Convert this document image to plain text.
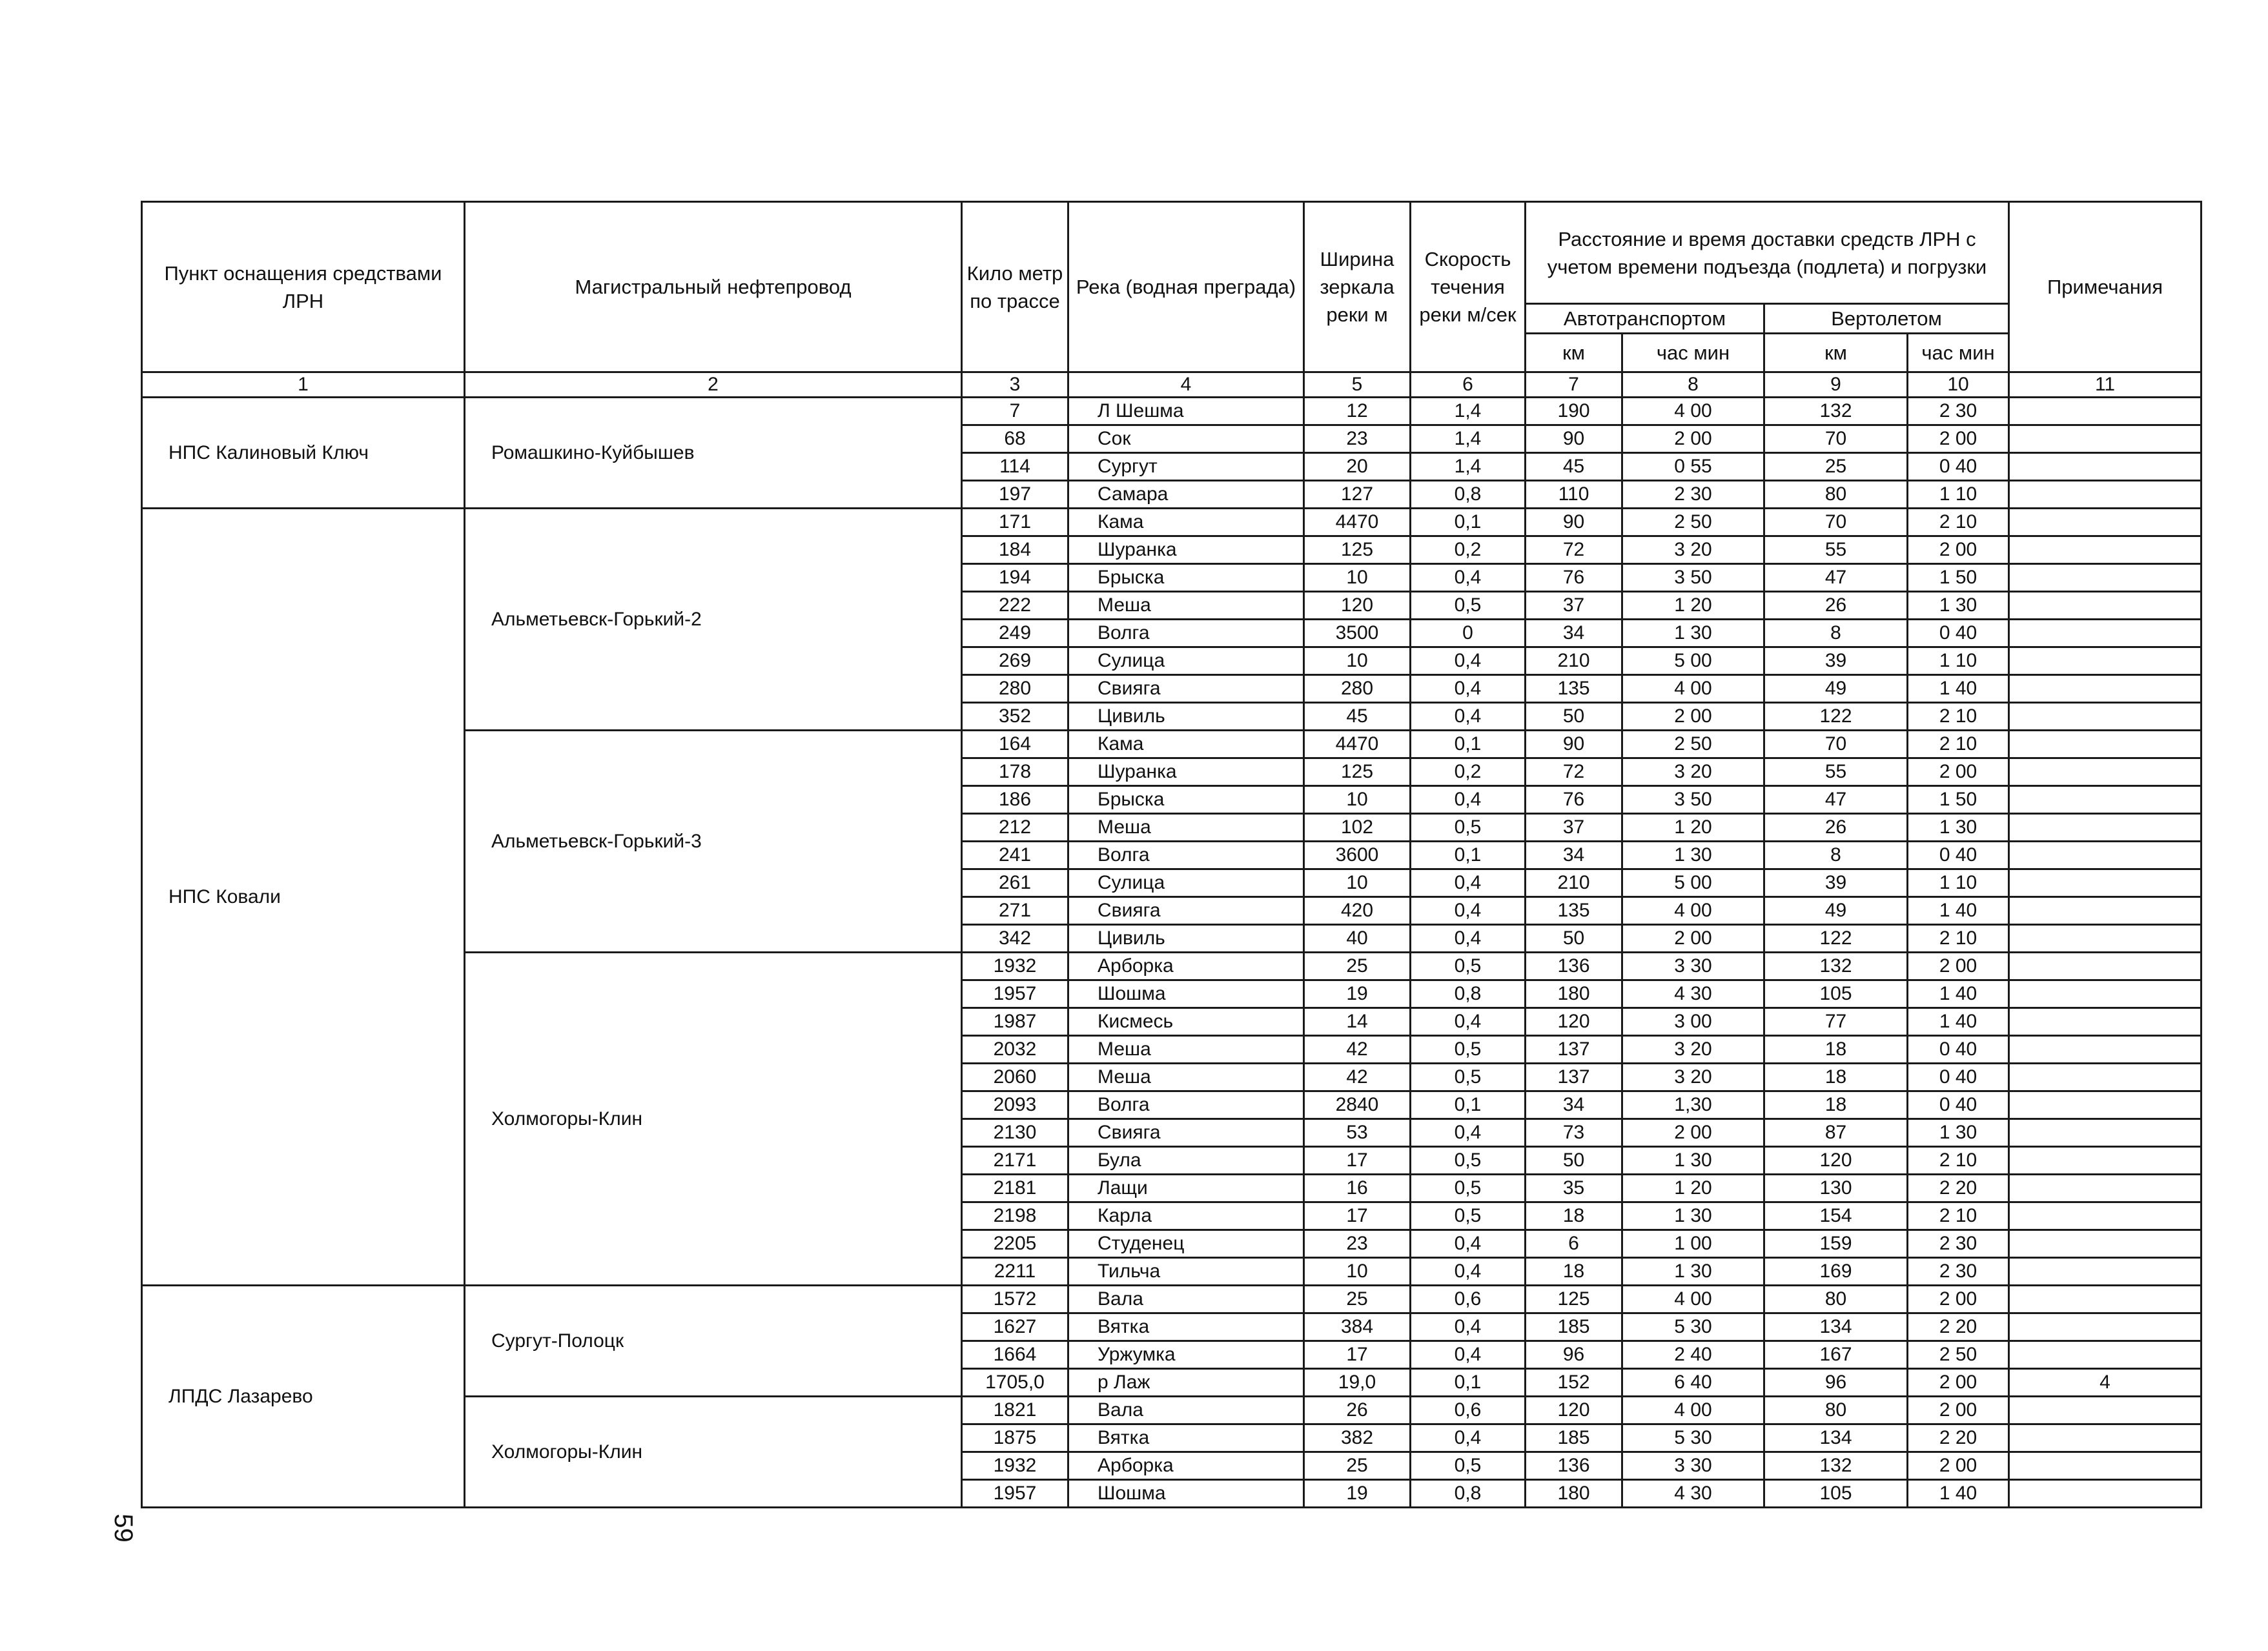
Пункт оснащения средствами ЛРН	Магистральный нефтепровод	Кило метр по трассе	Река (водная преграда)	Ширина зеркала реки м	Скорость течения реки м/сек	Расстояние и время доставки средств ЛРН с учетом времени подъезда (подлета) и погрузки				Примечания
						Автотранспортом		Вертолетом		
						км	час мин	км	час мин	
1	2	3	4	5	6	7	8	9	10	11
НПС Калиновый Ключ	Ромашкино-Куйбышев	7	Л Шешма	12	1,4	190	4 00	132	2 30	
		68	Сок	23	1,4	90	2 00	70	2 00	
		114	Сургут	20	1,4	45	0 55	25	0 40	
		197	Самара	127	0,8	110	2 30	80	1 10	
НПС Ковали	Альметьевск-Горький-2	171	Кама	4470	0,1	90	2 50	70	2 10	
		184	Шуранка	125	0,2	72	3 20	55	2 00	
		194	Брыска	10	0,4	76	3 50	47	1 50	
		222	Меша	120	0,5	37	1 20	26	1 30	
		249	Волга	3500	0	34	1 30	8	0 40	
		269	Сулица	10	0,4	210	5 00	39	1 10	
		280	Свияга	280	0,4	135	4 00	49	1 40	
		352	Цивиль	45	0,4	50	2 00	122	2 10	
	Альметьевск-Горький-3	164	Кама	4470	0,1	90	2 50	70	2 10	
		178	Шуранка	125	0,2	72	3 20	55	2 00	
		186	Брыска	10	0,4	76	3 50	47	1 50	
		212	Меша	102	0,5	37	1 20	26	1 30	
		241	Волга	3600	0,1	34	1 30	8	0 40	
		261	Сулица	10	0,4	210	5 00	39	1 10	
		271	Свияга	420	0,4	135	4 00	49	1 40	
		342	Цивиль	40	0,4	50	2 00	122	2 10	
	Холмогоры-Клин	1932	Арборка	25	0,5	136	3 30	132	2 00	
		1957	Шошма	19	0,8	180	4 30	105	1 40	
		1987	Кисмесь	14	0,4	120	3 00	77	1 40	
		2032	Меша	42	0,5	137	3 20	18	0 40	
		2060	Меша	42	0,5	137	3 20	18	0 40	
		2093	Волга	2840	0,1	34	1,30	18	0 40	
		2130	Свияга	53	0,4	73	2 00	87	1 30	
		2171	Була	17	0,5	50	1 30	120	2 10	
		2181	Лащи	16	0,5	35	1 20	130	2 20	
		2198	Карла	17	0,5	18	1 30	154	2 10	
		2205	Студенец	23	0,4	6	1 00	159	2 30	
		2211	Тильча	10	0,4	18	1 30	169	2 30	
ЛПДС Лазарево	Сургут-Полоцк	1572	Вала	25	0,6	125	4 00	80	2 00	
		1627	Вятка	384	0,4	185	5 30	134	2 20	
		1664	Уржумка	17	0,4	96	2 40	167	2 50	
		1705,0	р Лаж	19,0	0,1	152	6 40	96	2 00	4
	Холмогоры-Клин	1821	Вала	26	0,6	120	4 00	80	2 00	
		1875	Вятка	382	0,4	185	5 30	134	2 20	
		1932	Арборка	25	0,5	136	3 30	132	2 00	
		1957	Шошма	19	0,8	180	4 30	105	1 40	
59
